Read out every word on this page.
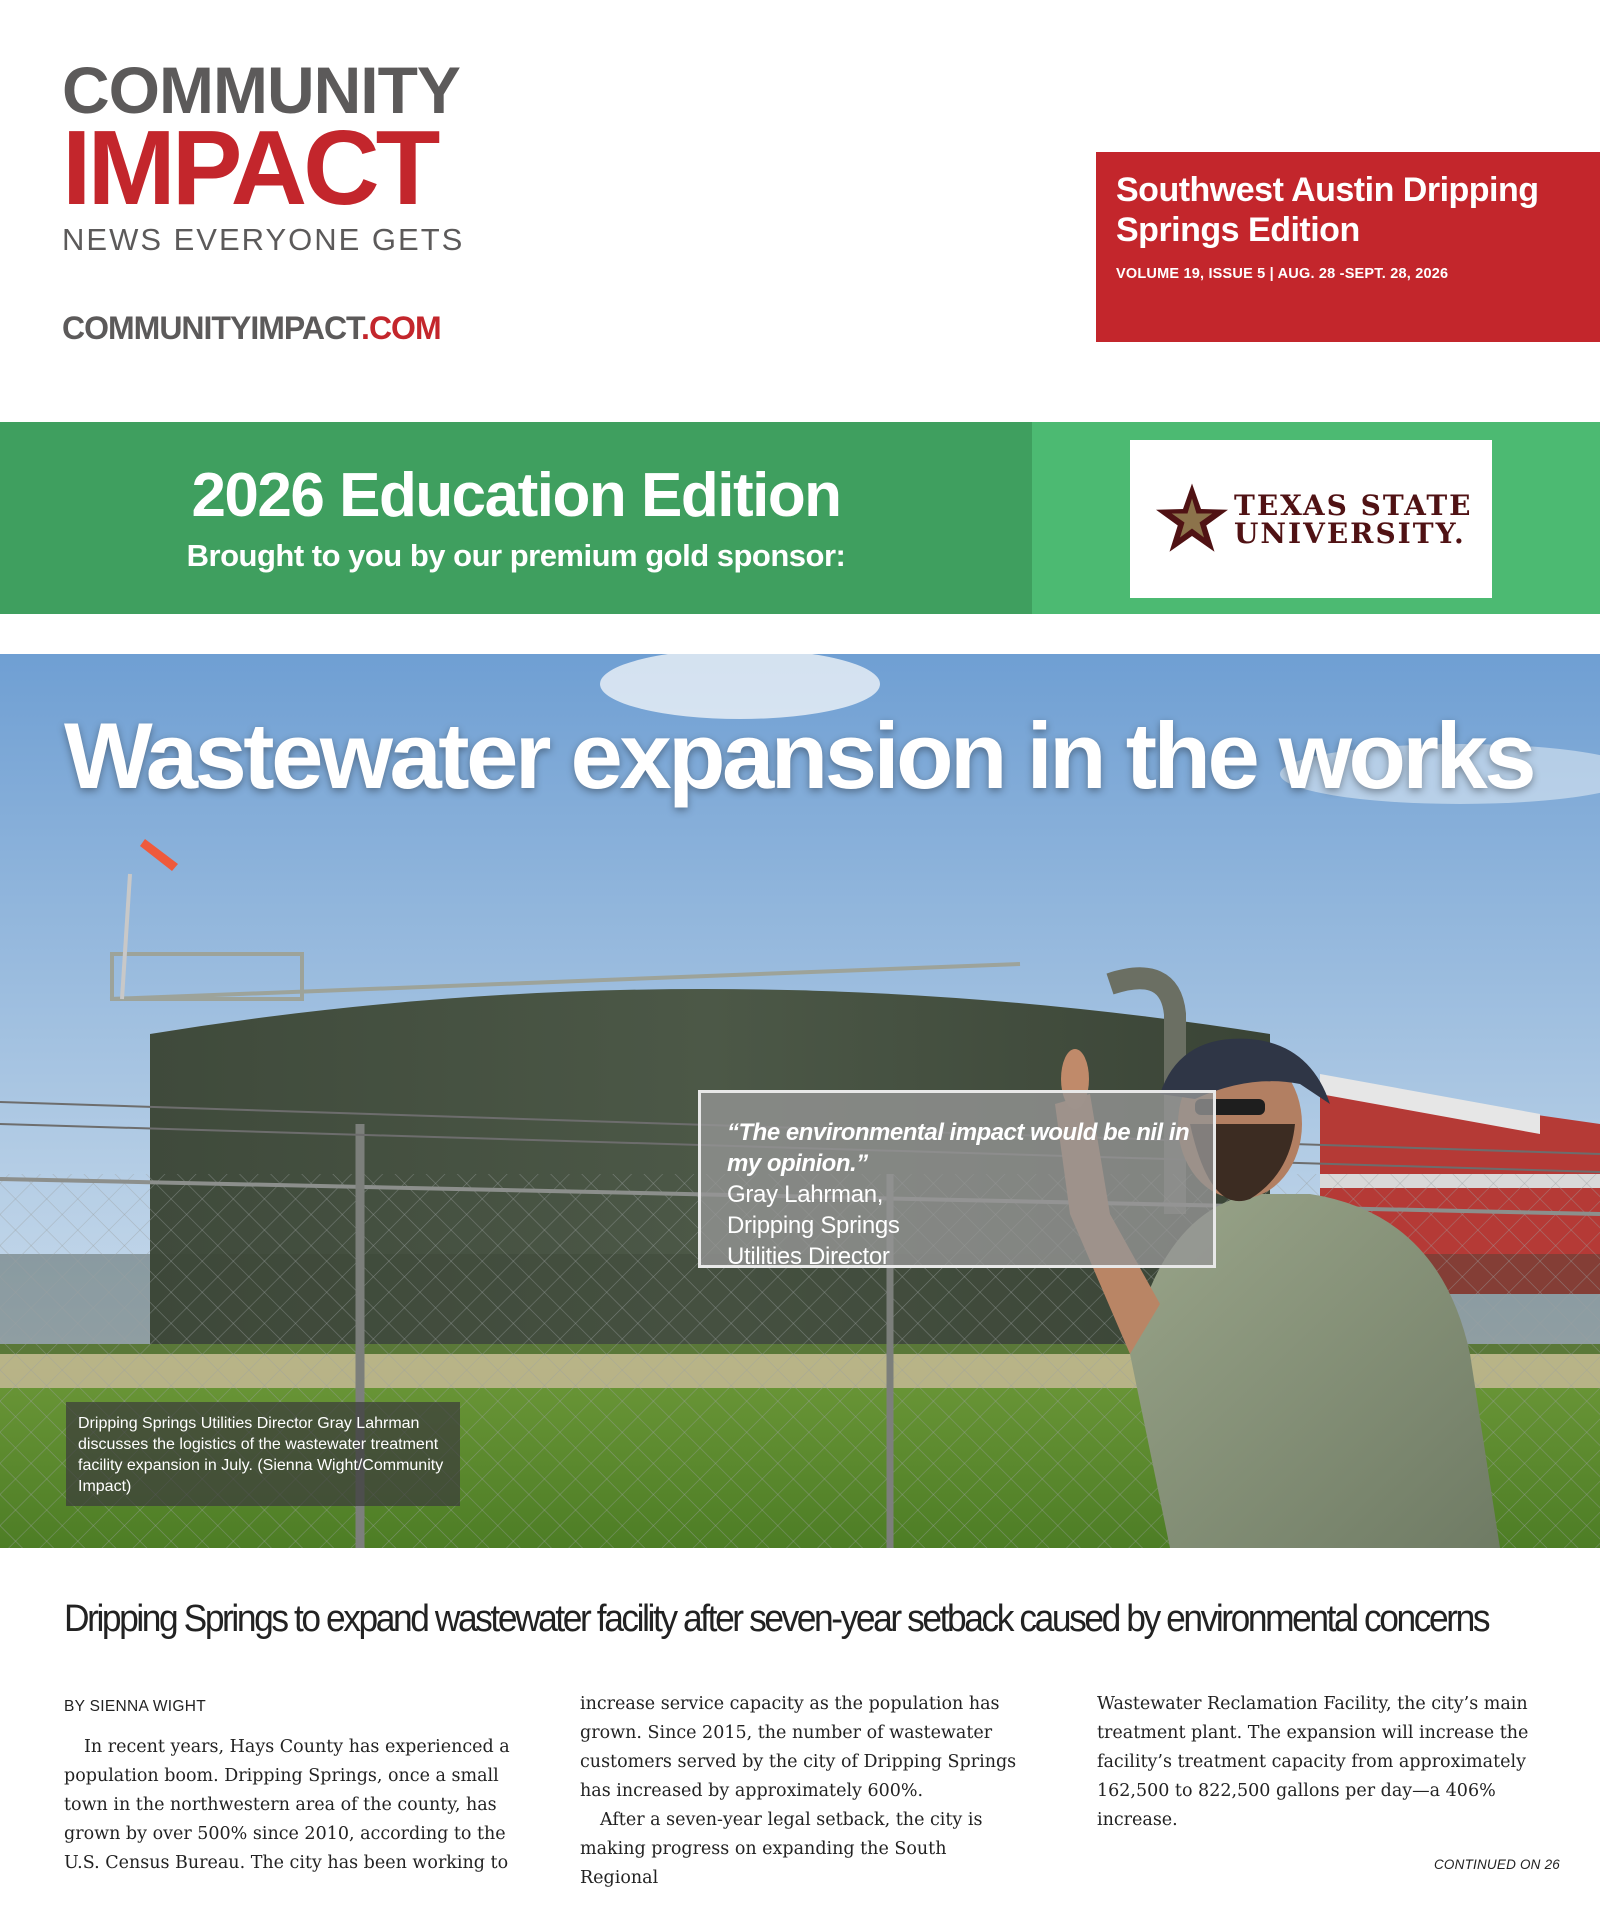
COMMUNITY
IMPACT
NEWS EVERYONE GETS
COMMUNITYIMPACT.COM
Southwest Austin Dripping Springs Edition
VOLUME 19, ISSUE 5 | AUG. 28 -SEPT. 28, 2026
2026 Education Edition
Brought to you by our premium gold sponsor:
TEXAS STATE
UNIVERSITY.
Wastewater expansion in the works
“The environmental impact would be nil in my opinion.”
Gray Lahrman,
Dripping Springs
Utilities Director
Dripping Springs Utilities Director Gray Lahrman discusses the logistics of the wastewater treatment facility expansion in July. (Sienna Wight/Community Impact)
Dripping Springs to expand wastewater facility after seven-year setback caused by environmental concerns
BY SIENNA WIGHT

In recent years, Hays County has experienced a population boom. Dripping Springs, once a small town in the northwestern area of the county, has grown by over 500% since 2010, according to the U.S. Census Bureau. The city has been working to

increase service capacity as the population has grown. Since 2015, the number of wastewater customers served by the city of Dripping Springs has increased by approximately 600%.

After a seven-year legal setback, the city is making progress on expanding the South Regional

Wastewater Reclamation Facility, the city’s main treatment plant. The expansion will increase the facility’s treatment capacity from approximately 162,500 to 822,500 gallons per day—a 406% increase.

CONTINUED ON 26
